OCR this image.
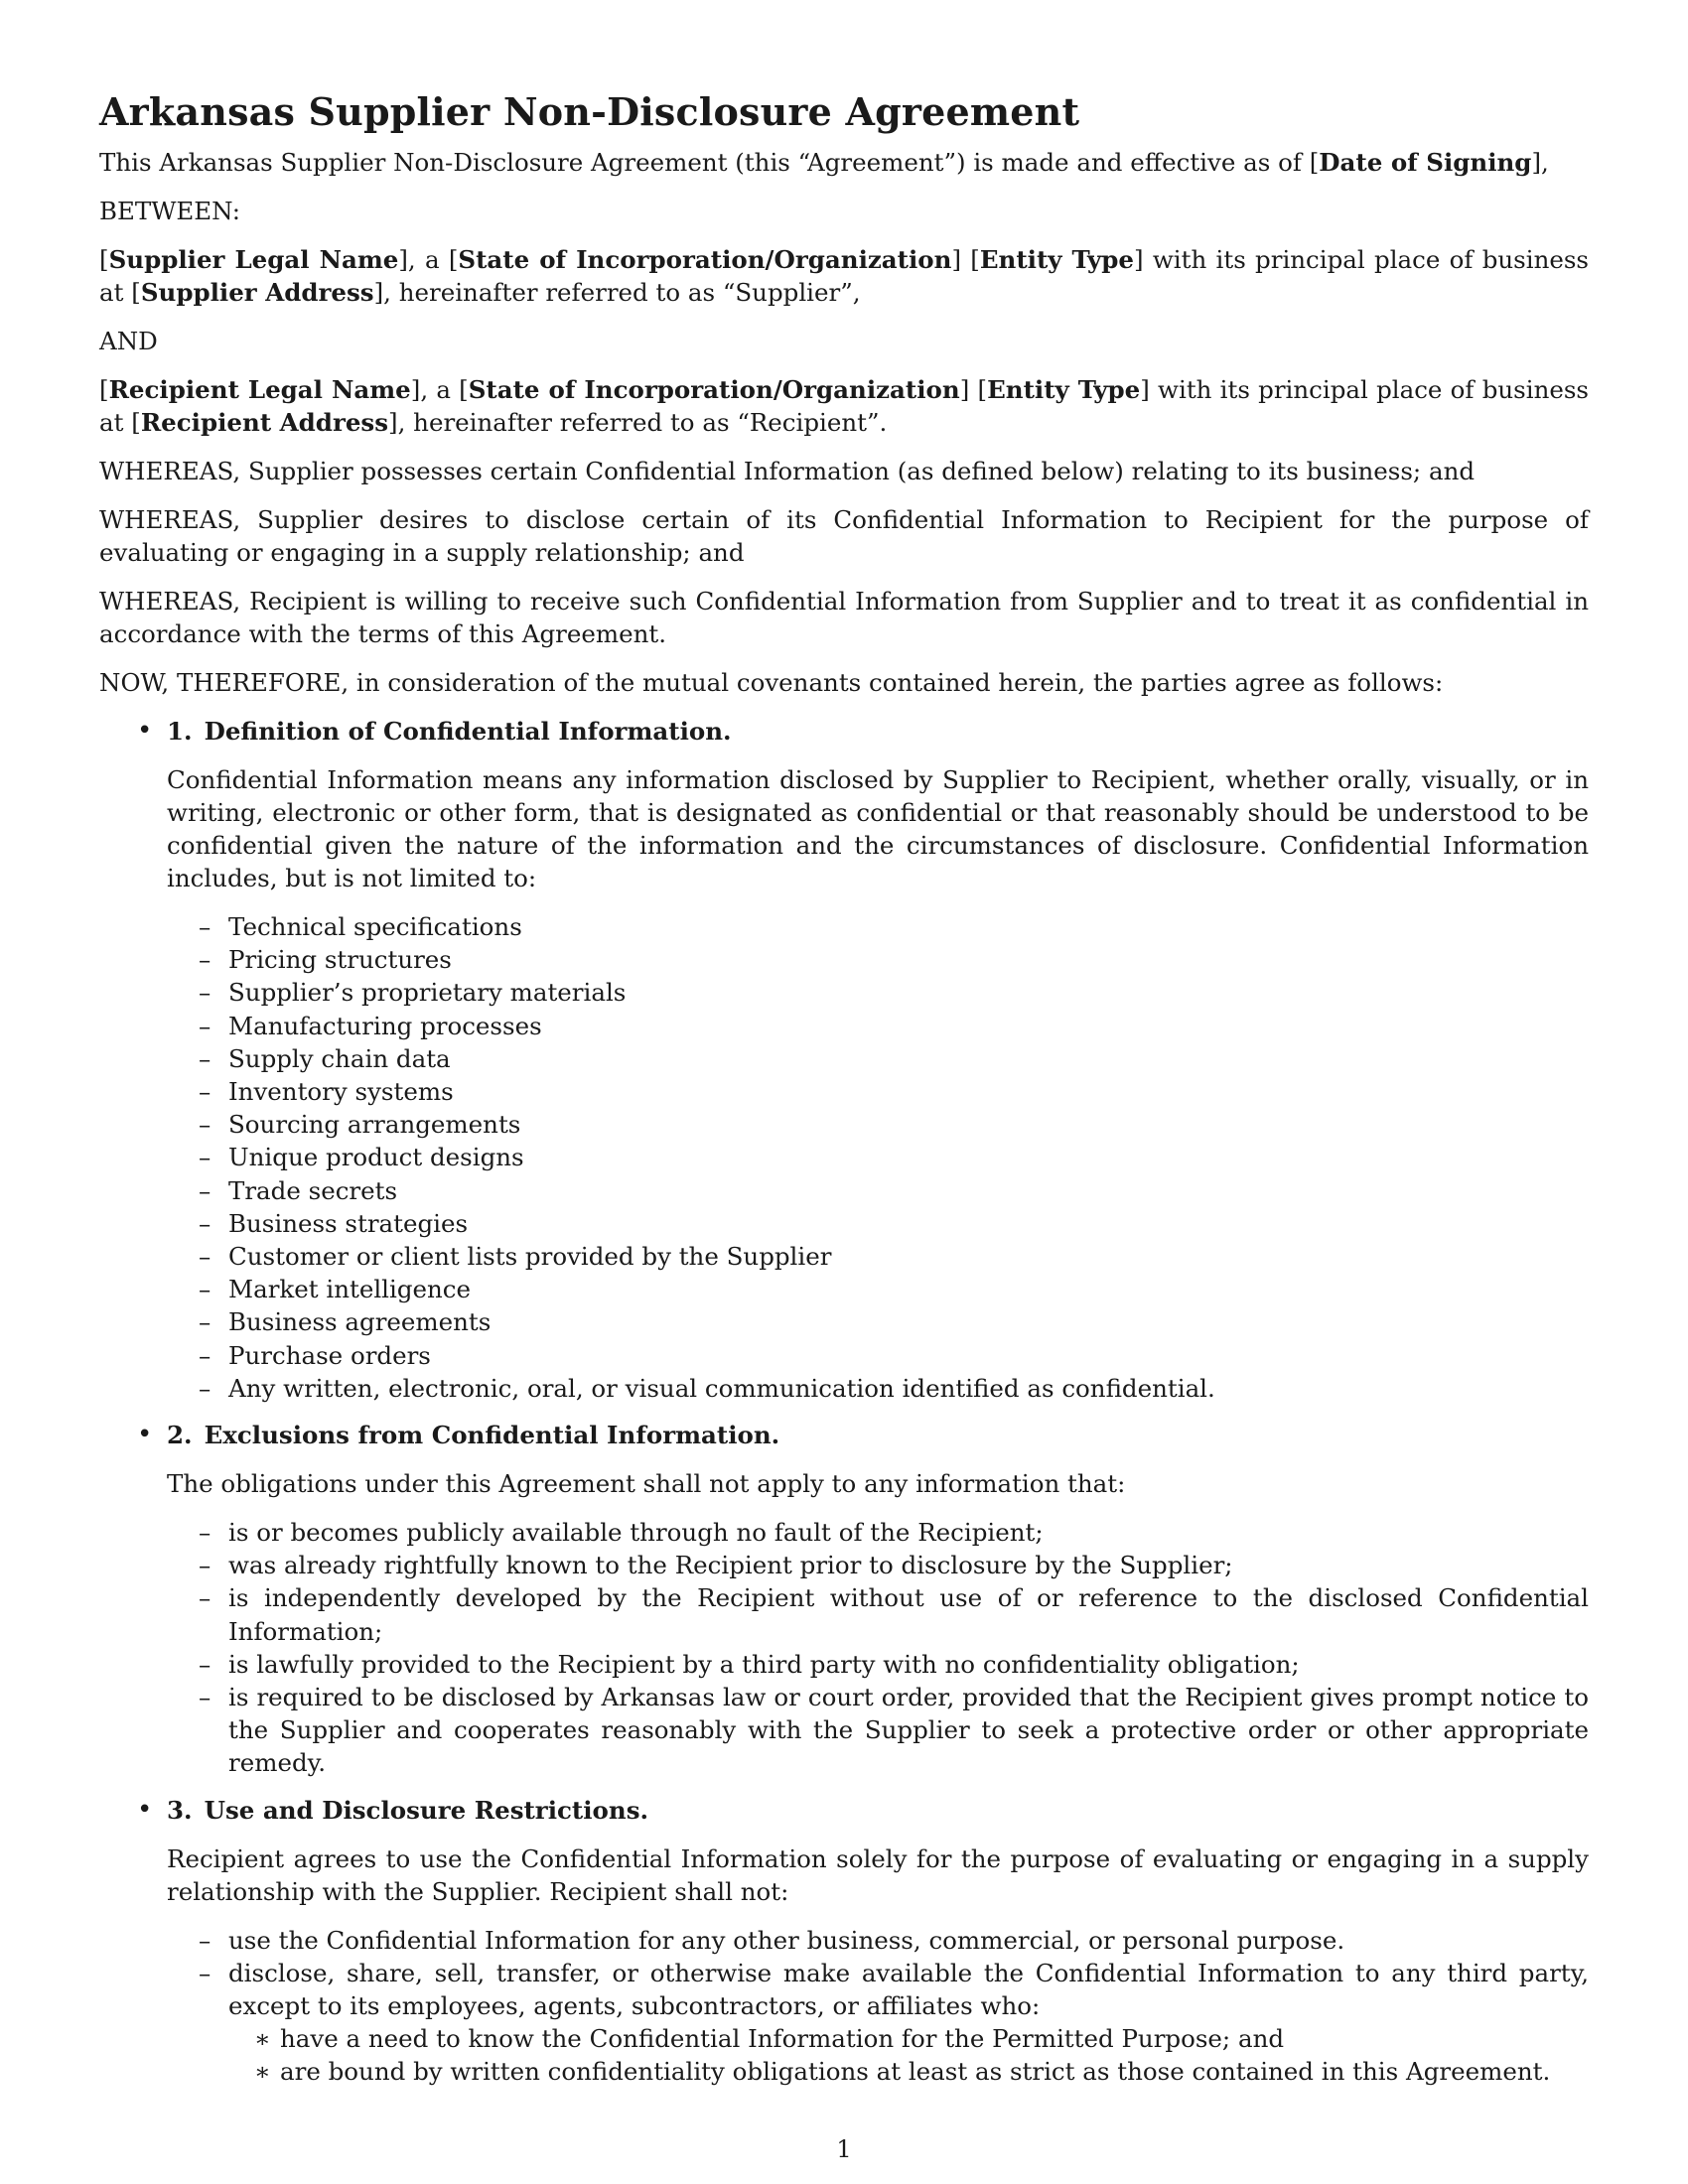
Arkansas Supplier Non-Disclosure Agreement

This Arkansas Supplier Non-Disclosure Agreement (this “Agreement”) is made and effective as of [Date of Signing],

BETWEEN:

[Supplier Legal Name], a [State of Incorporation/Organization] [Entity Type] with its principal place of business at [Supplier Address], hereinafter referred to as “Supplier”,

AND

[Recipient Legal Name], a [State of Incorporation/Organization] [Entity Type] with its principal place of business at [Recipient Address], hereinafter referred to as “Recipient”.

WHEREAS, Supplier possesses certain Confidential Information (as defined below) relating to its business; and

WHEREAS, Supplier desires to disclose certain of its Confidential Information to Recipient for the purpose of evaluating or engaging in a supply relationship; and

WHEREAS, Recipient is willing to receive such Confidential Information from Supplier and to treat it as confidential in accordance with the terms of this Agreement.

NOW, THEREFORE, in consideration of the mutual covenants contained herein, the parties agree as follows:

• 1. Definition of Confidential Information.

Confidential Information means any information disclosed by Supplier to Recipient, whether orally, visually, or in writing, electronic or other form, that is designated as confidential or that reasonably should be understood to be confidential given the nature of the information and the circumstances of disclosure. Confidential Information includes, but is not limited to:

– Technical specifications
– Pricing structures
– Supplier’s proprietary materials
– Manufacturing processes
– Supply chain data
– Inventory systems
– Sourcing arrangements
– Unique product designs
– Trade secrets
– Business strategies
– Customer or client lists provided by the Supplier
– Market intelligence
– Business agreements
– Purchase orders
– Any written, electronic, oral, or visual communication identified as confidential.
• 2. Exclusions from Confidential Information.

The obligations under this Agreement shall not apply to any information that:

– is or becomes publicly available through no fault of the Recipient;
– was already rightfully known to the Recipient prior to disclosure by the Supplier;
– is independently developed by the Recipient without use of or reference to the disclosed Confidential Information;
– is lawfully provided to the Recipient by a third party with no confidentiality obligation;
– is required to be disclosed by Arkansas law or court order, provided that the Recipient gives prompt notice to the Supplier and cooperates reasonably with the Supplier to seek a protective order or other appropriate remedy.
• 3. Use and Disclosure Restrictions.

Recipient agrees to use the Confidential Information solely for the purpose of evaluating or engaging in a supply relationship with the Supplier. Recipient shall not:

– use the Confidential Information for any other business, commercial, or personal purpose.
– disclose, share, sell, transfer, or otherwise make available the Confidential Information to any third party, except to its employees, agents, subcontractors, or affiliates who:
∗ have a need to know the Confidential Information for the Permitted Purpose; and
∗ are bound by written confidentiality obligations at least as strict as those contained in this Agreement.
1
